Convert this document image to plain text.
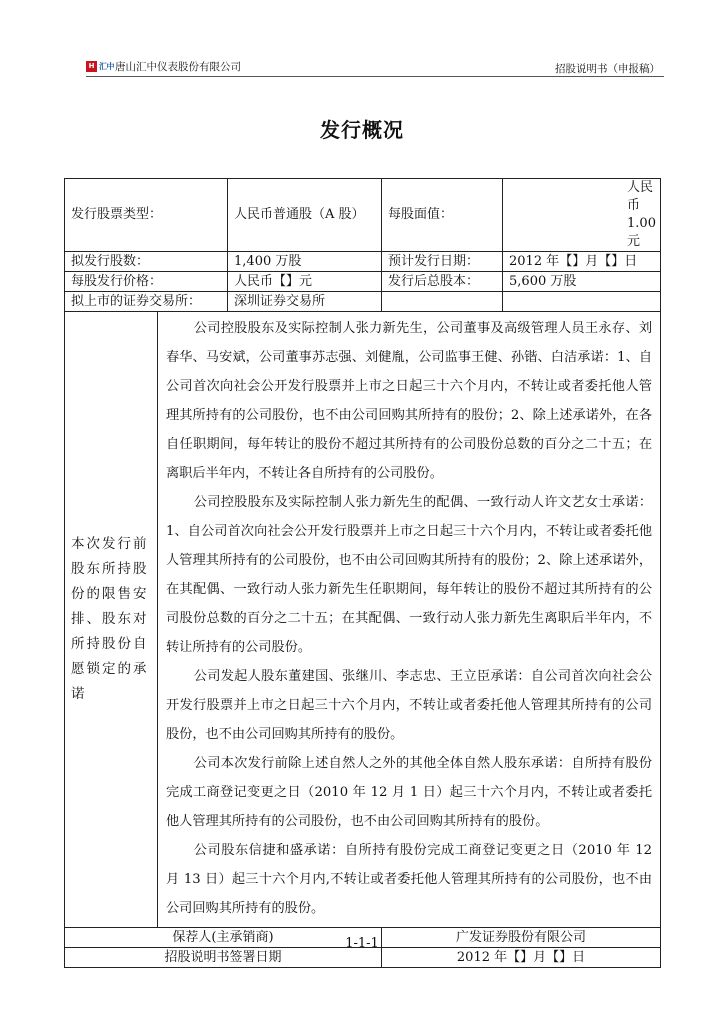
H 汇中 唐山汇中仪表股份有限公司	招股说明书（申报稿）
发行概况
发行股票类型：		人民币普通股（A 股）	每股面值：	人民币 1.00 元
拟发行股数：		1,400 万股	预计发行日期：	2012 年【】月【】日
每股发行价格：		人民币【】元	发行后总股本：	5,600 万股
拟上市的证券交易所：		深圳证券交易所		
本次发行前股东所持股份的限售安排、股东对所持股份自愿锁定的承诺	公司控股股东及实际控制人张力新先生，公司董事及高级管理人员王永存、刘春华、马安斌，公司董事苏志强、刘健胤，公司监事王健、孙锴、白洁承诺：1、自公司首次向社会公开发行股票并上市之日起三十六个月内，不转让或者委托他人管理其所持有的公司股份，也不由公司回购其所持有的股份；2、除上述承诺外，在各自任职期间，每年转让的股份不超过其所持有的公司股份总数的百分之二十五；在离职后半年内，不转让各自所持有的公司股份。

公司控股股东及实际控制人张力新先生的配偶、一致行动人许文艺女士承诺：1、自公司首次向社会公开发行股票并上市之日起三十六个月内，不转让或者委托他人管理其所持有的公司股份，也不由公司回购其所持有的股份；2、除上述承诺外，在其配偶、一致行动人张力新先生任职期间，每年转让的股份不超过其所持有的公司股份总数的百分之二十五；在其配偶、一致行动人张力新先生离职后半年内，不转让所持有的公司股份。

公司发起人股东董建国、张继川、李志忠、王立臣承诺：自公司首次向社会公开发行股票并上市之日起三十六个月内，不转让或者委托他人管理其所持有的公司股份，也不由公司回购其所持有的股份。

公司本次发行前除上述自然人之外的其他全体自然人股东承诺：自所持有股份完成工商登记变更之日（2010 年 12 月 1 日）起三十六个月内，不转让或者委托他人管理其所持有的公司股份，也不由公司回购其所持有的股份。

公司股东信捷和盛承诺：自所持有股份完成工商登记变更之日（2010 年 12 月 13 日）起三十六个月内,不转让或者委托他人管理其所持有的公司股份，也不由公司回购其所持有的股份。			

保荐人(主承销商)			广发证券股份有限公司	
招股说明书签署日期			2012 年【】月【】日	
1-1-1
